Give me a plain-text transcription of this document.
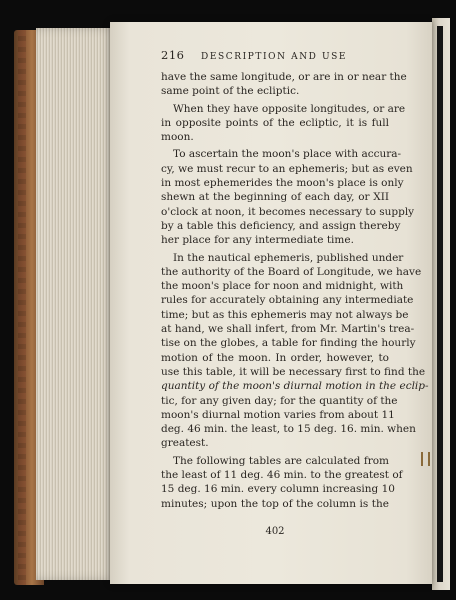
216	DESCRIPTION AND USE
have the same longitude, or are in or near the
same point of the ecliptic.
When they have opposite longitudes, or are
in opposite points of the ecliptic, it is full
moon.
To ascertain the moon's place with accura-
cy, we must recur to an ephemeris; but as even
in most ephemerides the moon's place is only
shewn at the beginning of each day, or XII
o'clock at noon, it becomes necessary to supply
by a table this deficiency, and assign thereby
her place for any intermediate time.
In the nautical ephemeris, published under
the authority of the Board of Longitude, we have
the moon's place for noon and midnight, with
rules for accurately obtaining any intermediate
time; but as this ephemeris may not always be
at hand, we shall infert, from Mr. Martin's trea-
tise on the globes, a table for finding the hourly
motion of the moon. In order, however, to
use this table, it will be necessary first to find the
quantity of the moon's diurnal motion in the eclip-
tic, for any given day; for the quantity of the
moon's diurnal motion varies from about 11
deg. 46 min. the least, to 15 deg. 16. min. when
greatest.
The following tables are calculated from
the least of 11 deg. 46 min. to the greatest of
15 deg. 16 min. every column increasing 10
minutes; upon the top of the column is the
402
